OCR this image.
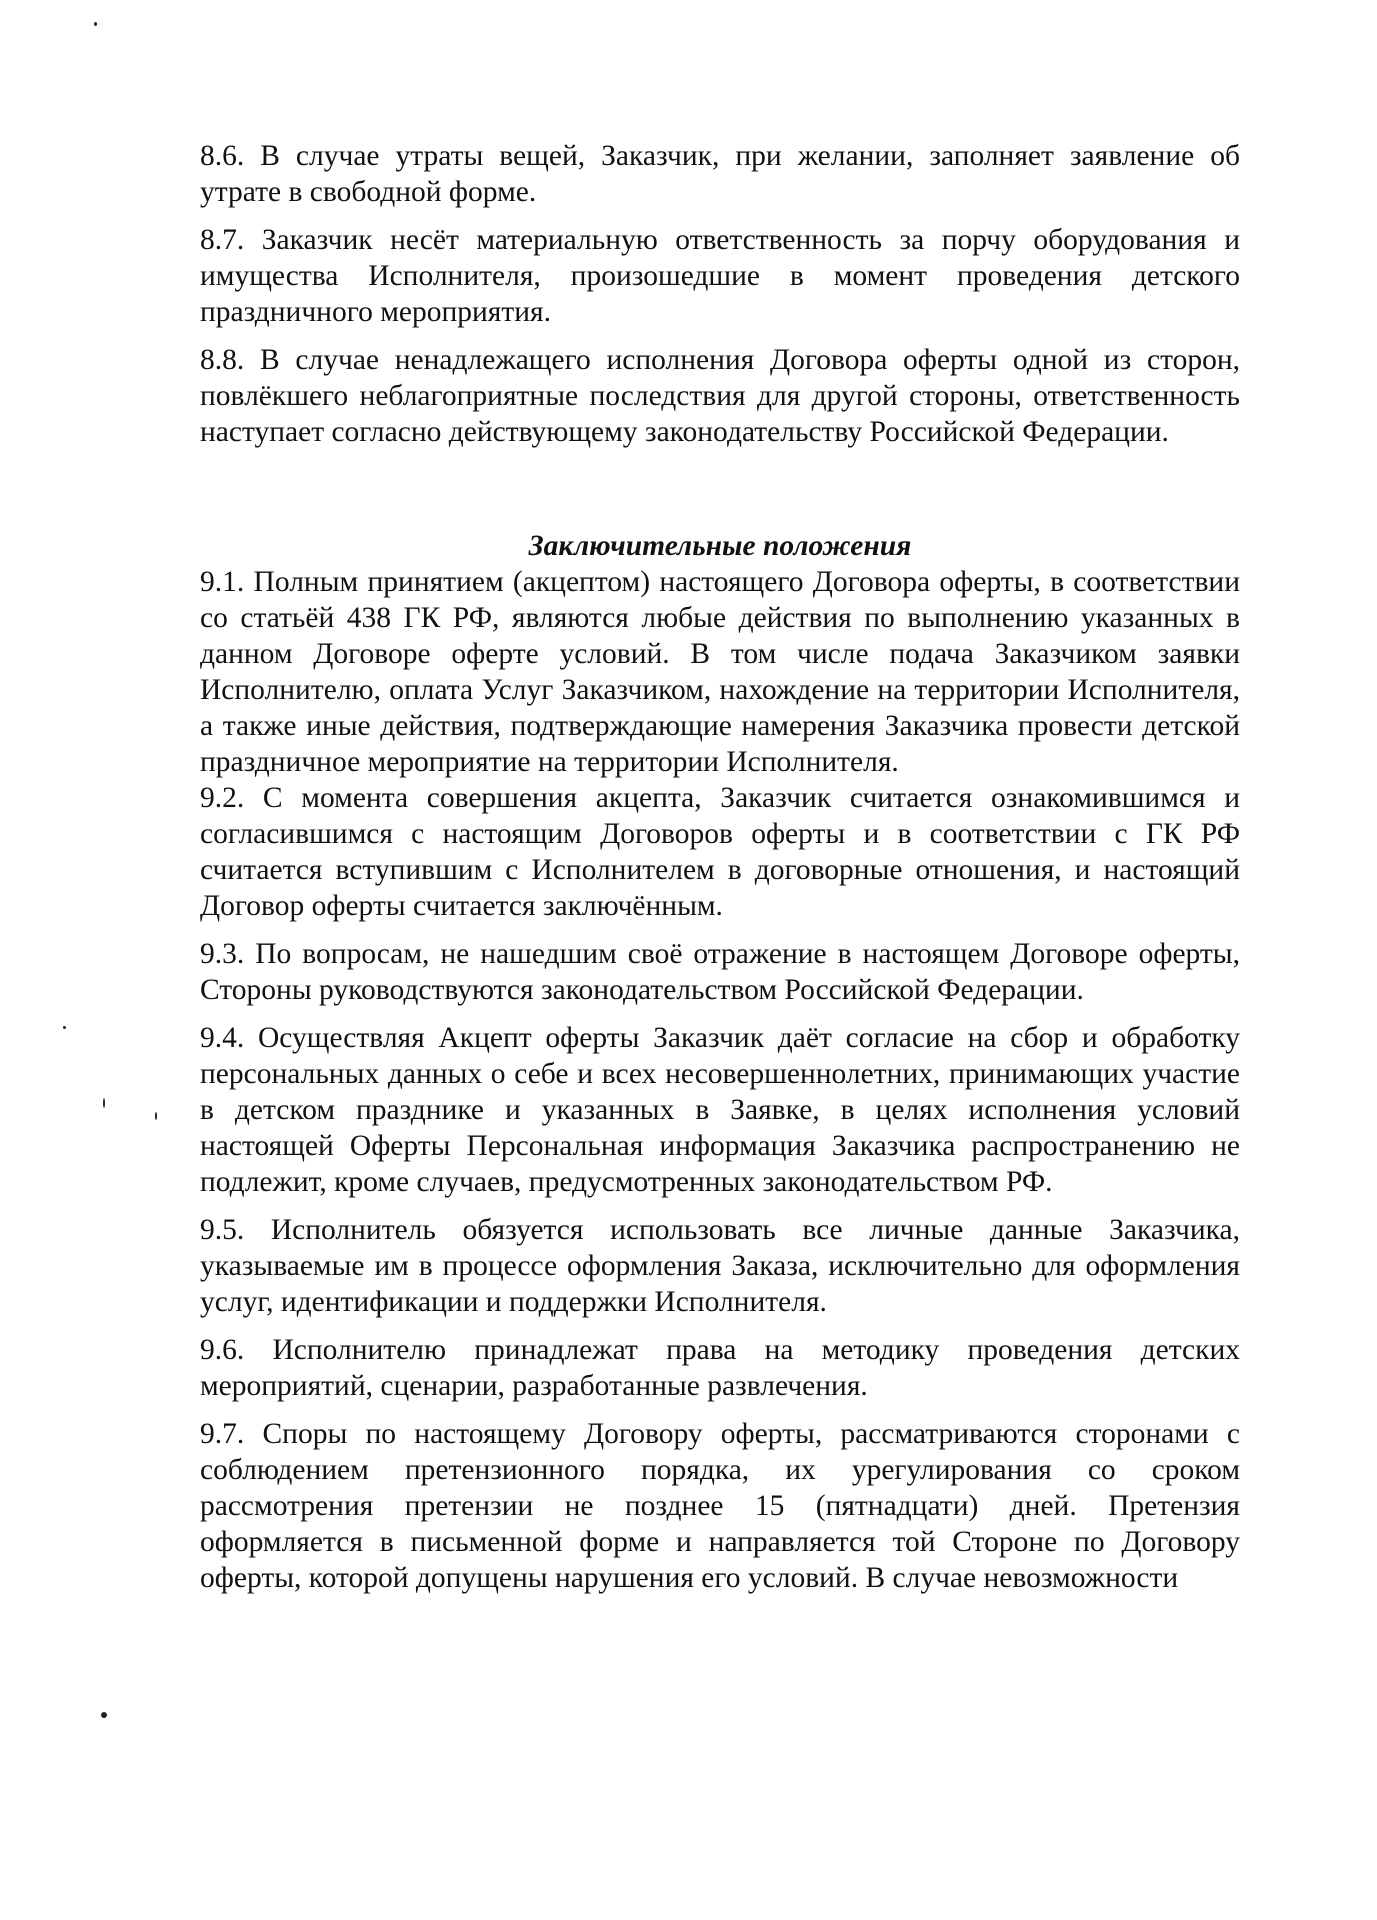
8.6. В случае утраты вещей, Заказчик, при желании, заполняет заявление об утрате в свободной форме.

8.7. Заказчик несёт материальную ответственность за порчу оборудования и имущества Исполнителя, произошедшие в момент проведения детского праздничного мероприятия.

8.8. В случае ненадлежащего исполнения Договора оферты одной из сторон, повлёкшего неблагоприятные последствия для другой стороны, ответственность наступает согласно действующему законодательству Российской Федерации.

Заключительные положения

9.1. Полным принятием (акцептом) настоящего Договора оферты, в соответствии со статьёй 438 ГК РФ, являются любые действия по выполнению указанных в данном Договоре оферте условий. В том числе подача Заказчиком заявки Исполнителю, оплата Услуг Заказчиком, нахождение на территории Исполнителя, а также иные действия, подтверждающие намерения Заказчика провести детской праздничное мероприятие на территории Исполнителя.

9.2. С момента совершения акцепта, Заказчик считается ознакомившимся и согласившимся с настоящим Договоров оферты и в соответствии с ГК РФ считается вступившим с Исполнителем в договорные отношения, и настоящий Договор оферты считается заключённым.

9.3. По вопросам, не нашедшим своё отражение в настоящем Договоре оферты, Стороны руководствуются законодательством Российской Федерации.

9.4. Осуществляя Акцепт оферты Заказчик даёт согласие на сбор и обработку персональных данных о себе и всех несовершеннолетних, принимающих участие в детском празднике и указанных в Заявке, в целях исполнения условий настоящей Оферты Персональная информация Заказчика распространению не подлежит, кроме случаев, предусмотренных законодательством РФ.

9.5. Исполнитель обязуется использовать все личные данные Заказчика, указываемые им в процессе оформления Заказа, исключительно для оформления услуг, идентификации и поддержки Исполнителя.

9.6. Исполнителю принадлежат права на методику проведения детских мероприятий, сценарии, разработанные развлечения.

9.7. Споры по настоящему Договору оферты, рассматриваются сторонами с соблюдением претензионного порядка, их урегулирования со сроком рассмотрения претензии не позднее 15 (пятнадцати) дней. Претензия оформляется в письменной форме и направляется той Стороне по Договору оферты, которой допущены нарушения его условий. В случае невозможности
